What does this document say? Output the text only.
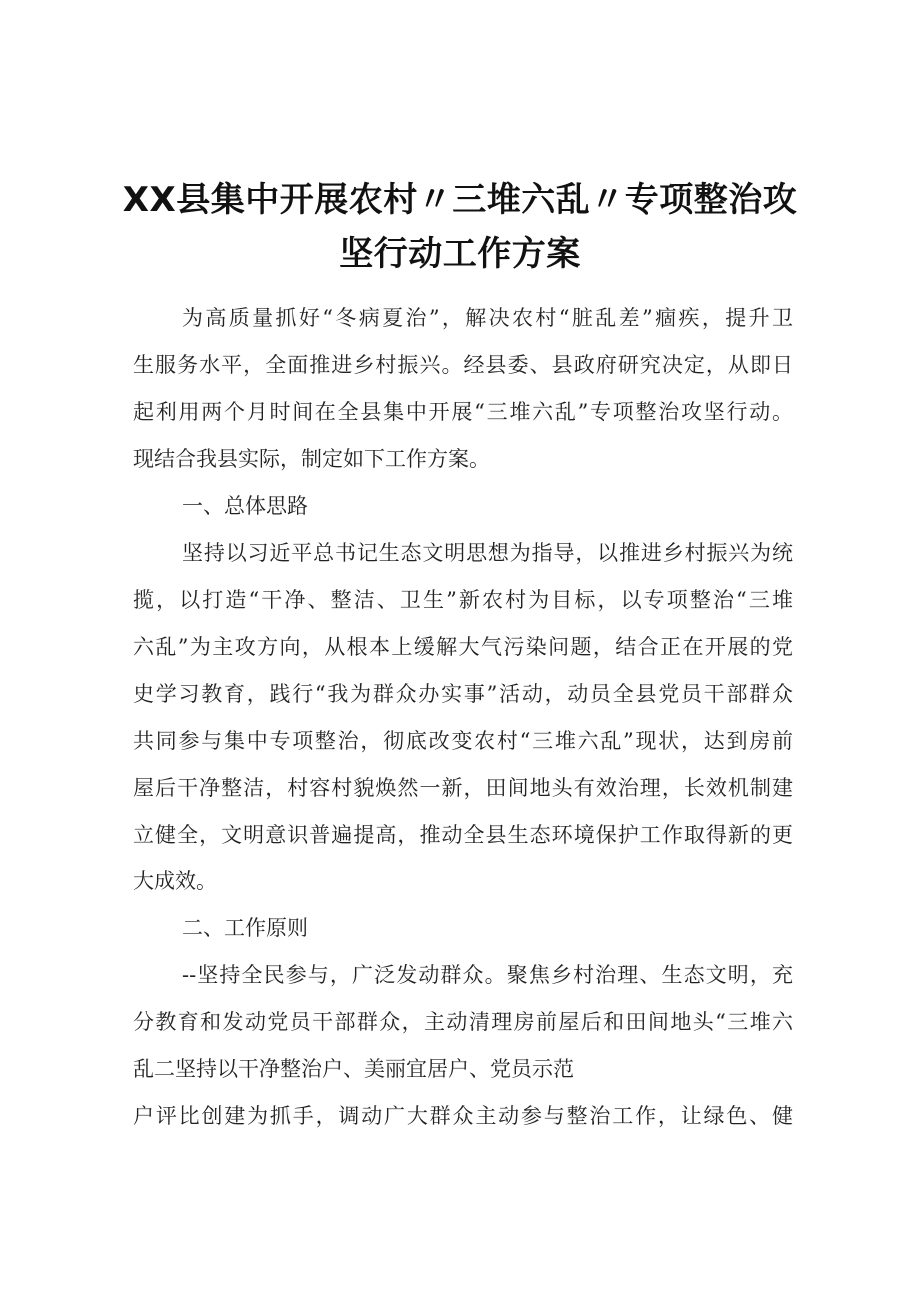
XX县集中开展农村〃三堆六乱〃专项整治攻
坚行动工作方案
为高质量抓好“冬病夏治”，解决农村“脏乱差”痼疾，提升卫
生服务水平，全面推进乡村振兴。经县委、县政府研究决定，从即日
起利用两个月时间在全县集中开展“三堆六乱”专项整治攻坚行动。
现结合我县实际，制定如下工作方案。
一、总体思路
坚持以习近平总书记生态文明思想为指导，以推进乡村振兴为统
揽，以打造“干净、整洁、卫生”新农村为目标，以专项整治“三堆
六乱”为主攻方向，从根本上缓解大气污染问题，结合正在开展的党
史学习教育，践行“我为群众办实事”活动，动员全县党员干部群众
共同参与集中专项整治，彻底改变农村“三堆六乱”现状，达到房前
屋后干净整洁，村容村貌焕然一新，田间地头有效治理，长效机制建
立健全，文明意识普遍提高，推动全县生态环境保护工作取得新的更
大成效。
二、工作原则
--坚持全民参与，广泛发动群众。聚焦乡村治理、生态文明，充
分教育和发动党员干部群众，主动清理房前屋后和田间地头“三堆六
乱二坚持以干净整治户、美丽宜居户、党员示范
户评比创建为抓手，调动广大群众主动参与整治工作，让绿色、健
